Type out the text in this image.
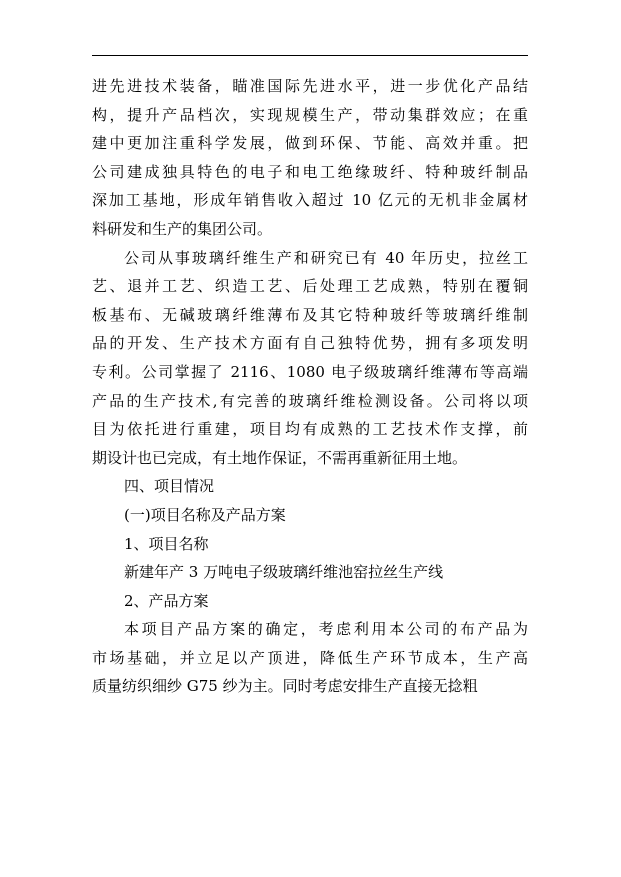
进先进技术装备，瞄准国际先进水平，进一步优化产品结
构，提升产品档次，实现规模生产，带动集群效应；在重
建中更加注重科学发展，做到环保、节能、高效并重。把
公司建成独具特色的电子和电工绝缘玻纤、特种玻纤制品
深加工基地，形成年销售收入超过 10 亿元的无机非金属材
料研发和生产的集团公司。
公司从事玻璃纤维生产和研究已有 40 年历史，拉丝工
艺、退并工艺、织造工艺、后处理工艺成熟，特别在覆铜
板基布、无碱玻璃纤维薄布及其它特种玻纤等玻璃纤维制
品的开发、生产技术方面有自己独特优势，拥有多项发明
专利。公司掌握了 2116、1080 电子级玻璃纤维薄布等高端
产品的生产技术,有完善的玻璃纤维检测设备。公司将以项
目为依托进行重建，项目均有成熟的工艺技术作支撑，前
期设计也已完成，有土地作保证，不需再重新征用土地。
四、项目情况
(一)项目名称及产品方案
1、项目名称
新建年产 3 万吨电子级玻璃纤维池窑拉丝生产线
2、产品方案
本项目产品方案的确定，考虑利用本公司的布产品为
市场基础，并立足以产顶进，降低生产环节成本，生产高
质量纺织细纱 G75 纱为主。同时考虑安排生产直接无捻粗
